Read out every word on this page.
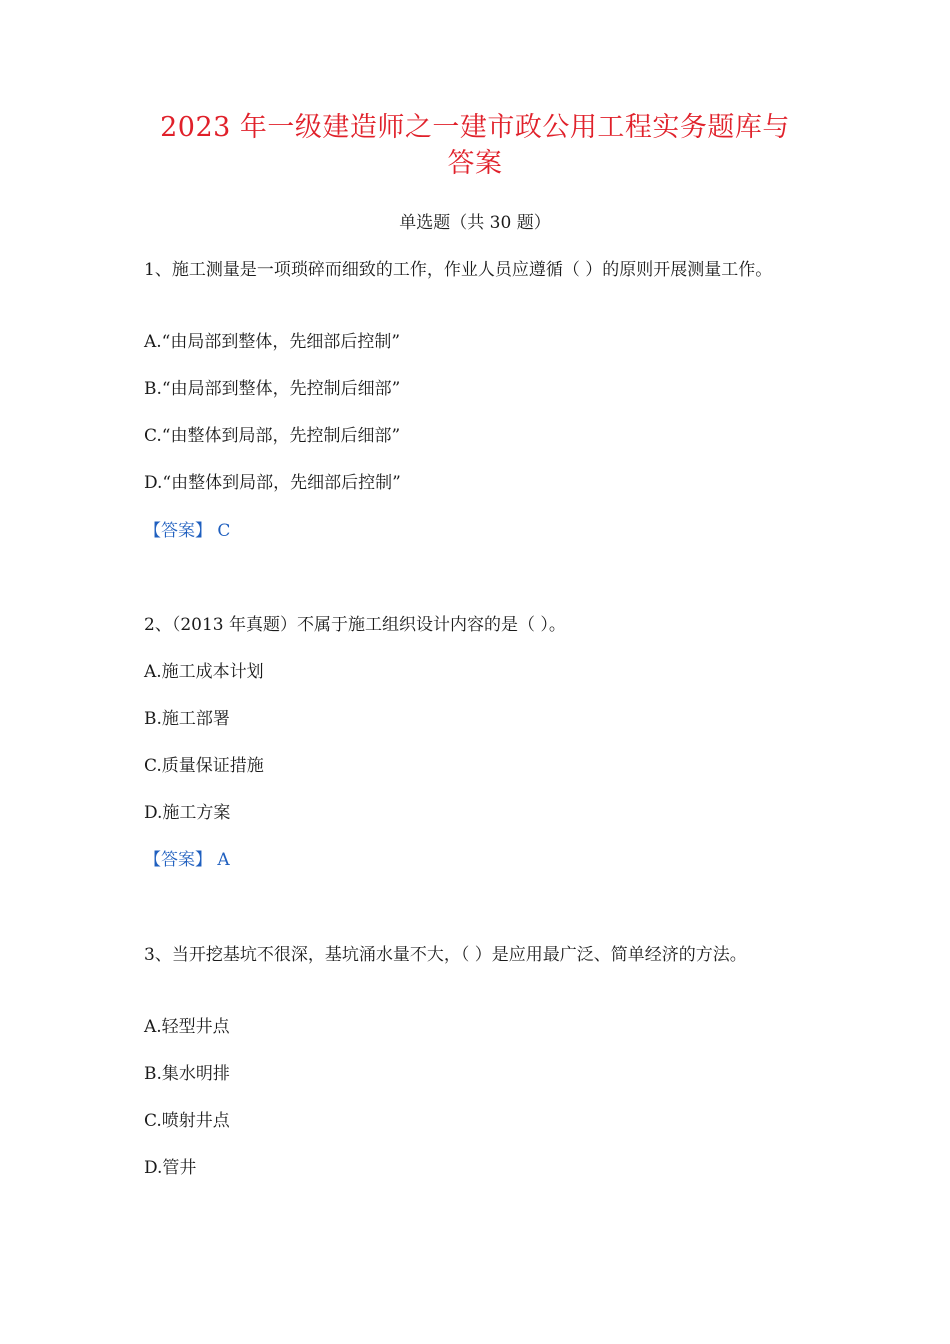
2023 年一级建造师之一建市政公用工程实务题库与
答案
单选题（共 30 题）

1、施工测量是一项琐碎而细致的工作，作业人员应遵循（ ）的原则开展测量工作。

A.“由局部到整体，先细部后控制”

B.“由局部到整体，先控制后细部”

C.“由整体到局部，先控制后细部”

D.“由整体到局部，先细部后控制”

【答案】 C

2、（2013 年真题）不属于施工组织设计内容的是（ ）。

A.施工成本计划

B.施工部署

C.质量保证措施

D.施工方案

【答案】 A

3、当开挖基坑不很深，基坑涌水量不大，（ ）是应用最广泛、简单经济的方法。

A.轻型井点

B.集水明排

C.喷射井点

D.管井
